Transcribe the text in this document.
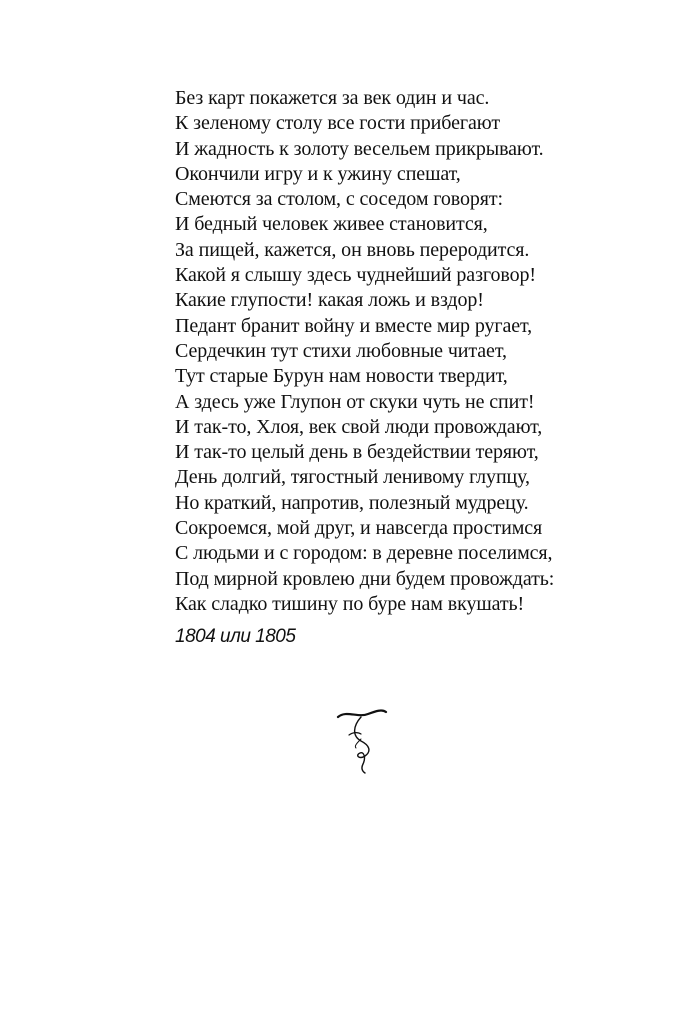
Без карт покажется за век один и час.
К зеленому столу все гости прибегают
И жадность к золоту весельем прикрывают.
Окончили игру и к ужину спешат,
Смеются за столом, с соседом говорят:
И бедный человек живее становится,
За пищей, кажется, он вновь переродится.
Какой я слышу здесь чуднейший разговор!
Какие глупости! какая ложь и вздор!
Педант бранит войну и вместе мир ругает,
Сердечкин тут стихи любовные читает,
Тут старые Бурун нам новости твердит,
А здесь уже Глупон от скуки чуть не спит!
И так-то, Хлоя, век свой люди провождают,
И так-то целый день в бездействии теряют,
День долгий, тягостный ленивому глупцу,
Но краткий, напротив, полезный мудрецу.
Сокроемся, мой друг, и навсегда простимся
С людьми и с городом: в деревне поселимся,
Под мирной кровлею дни будем провождать:
Как сладко тишину по буре нам вкушать!
1804 или 1805
